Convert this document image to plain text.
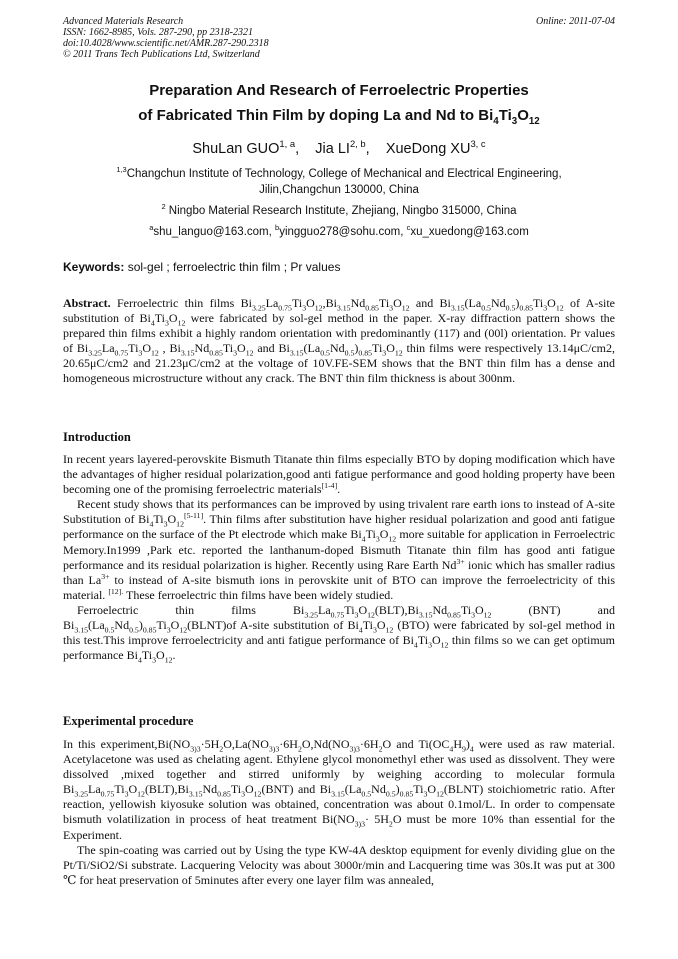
Advanced Materials Research
ISSN: 1662-8985, Vols. 287-290, pp 2318-2321
doi:10.4028/www.scientific.net/AMR.287-290.2318
© 2011 Trans Tech Publications Ltd, Switzerland
Online: 2011-07-04
Preparation And Research of Ferroelectric Properties
of Fabricated Thin Film by doping La and Nd to $Bi_4Ti_3O_{12}$
ShuLan GUO$^{1, a}$, Jia LI$^{2, b}$, XueDong XU$^{3, c}$
$^{1,3}$Changchun Institute of Technology, College of Mechanical and Electrical Engineering,
Jilin,Changchun 130000, China
$^2$ Ningbo Material Research Institute, Zhejiang, Ningbo 315000, China
$^a$shu_languo@163.com, $^b$yingguo278@sohu.com, $^c$xu_xuedong@163.com
Keywords: sol-gel ; ferroelectric thin film ; Pr values
Abstract. Ferroelectric thin films $Bi_{3.25}La_{0.75}Ti_3O_{12},Bi_{3.15}Nd_{0.85}Ti_3O_{12}$ and $Bi_{3.15}(La_{0.5}Nd_{0.5})_{0.85}Ti_3O_{12}$ of A-site substitution of $Bi_4Ti_3O_{12}$ were fabricated by sol-gel method in the paper. X-ray diffraction pattern shows the prepared thin films exhibit a highly random orientation with predominantly (117) and (00l) orientation. Pr values of $Bi_{3.25}La_{0.75}Ti_3O_{12}$ , $Bi_{3.15}Nd_{0.85}Ti_3O_{12}$ and $Bi_{3.15}(La_{0.5}Nd_{0.5})_{0.85}Ti_3O_{12}$ thin films were respectively 13.14μC/cm2, 20.65μC/cm2 and 21.23μC/cm2 at the voltage of 10V.FE-SEM shows that the BNT thin film has a dense and homogeneous microstructure without any crack. The BNT thin film thickness is about 300nm.
Introduction
In recent years layered-perovskite Bismuth Titanate thin films especially BTO by doping modification which have the advantages of higher residual polarization,good anti fatigue performance and good holding property have been becoming one of the promising ferroelectric materials[1-4].
Recent study shows that its performances can be improved by using trivalent rare earth ions to instead of A-site Substitution of $Bi_4Ti_3O_{12}[5-11]$. Thin films after substitution have higher residual polarization and good anti fatigue performance on the surface of the Pt electrode which make $Bi_4Ti_3O_{12}$ more suitable for application in Ferroelectric Memory.In1999 ,Park etc. reported the lanthanum-doped Bismuth Titanate thin film has good anti fatigue performance and its residual polarization is higher. Recently using Rare Earth $Nd^{3+}$ ionic which has smaller radius than $La^{3+}$ to instead of A-site bismuth ions in perovskite unit of BTO can improve the ferroelectricity of this material. $^{[12].}$ These ferroelectric thin films have been widely studied.
Ferroelectric thin films $Bi_{3.25}La_{0.75}Ti_3O_{12}(BLT),Bi_{3.15}Nd_{0.85}Ti_3O_{12}$ (BNT) and $Bi_{3.15}(La_{0.5}Nd_{0.5})_{0.85}Ti_3O_{12}(BLNT)of$ A-site substitution of $Bi_4Ti_3O_{12}$ (BTO) were fabricated by sol-gel method in this test.This improve ferroelectricity and anti fatigue performance of $Bi_4Ti_3O_{12}$ thin films so we can get optimum performance $Bi_4Ti_3O_{12}$.
Experimental procedure
In this $experiment,Bi(NO_{3)3}\cdot 5H_2O,La(NO_{3)3}\cdot 6H_2O,Nd(NO_{3)3}\cdot 6H_2O$ and $Ti(OC_4H_9)_4$ were used as raw material. Acetylacetone was used as chelating agent. Ethylene glycol monomethyl ether was used as dissolvent. They were dissolved ,mixed together and stirred uniformly by weighing according to molecular formula $Bi_{3.25}La_{0.75}Ti_3O_{12}(BLT),Bi_{3.15}Nd_{0.85}Ti_3O_{12}(BNT)$ and $Bi_{3.15}(La_{0.5}Nd_{0.5})_{0.85}Ti_3O_{12}(BLNT)$ stoichiometric ratio. After reaction, yellowish kiyosuke solution was obtained, concentration was about 0.1mol/L. In order to compensate bismuth volatilization in process of heat treatment $Bi(NO_{3)3}\cdot 5H_2O$ must be more 10% than essential for the Experiment.
The spin-coating was carried out by Using the type KW-4A desktop equipment for evenly dividing glue on the Pt/Ti/SiO2/Si substrate. Lacquering Velocity was about 3000r/min and Lacquering time was 30s.It was put at 300 ℃ for heat preservation of 5minutes after every one layer film was annealed,
